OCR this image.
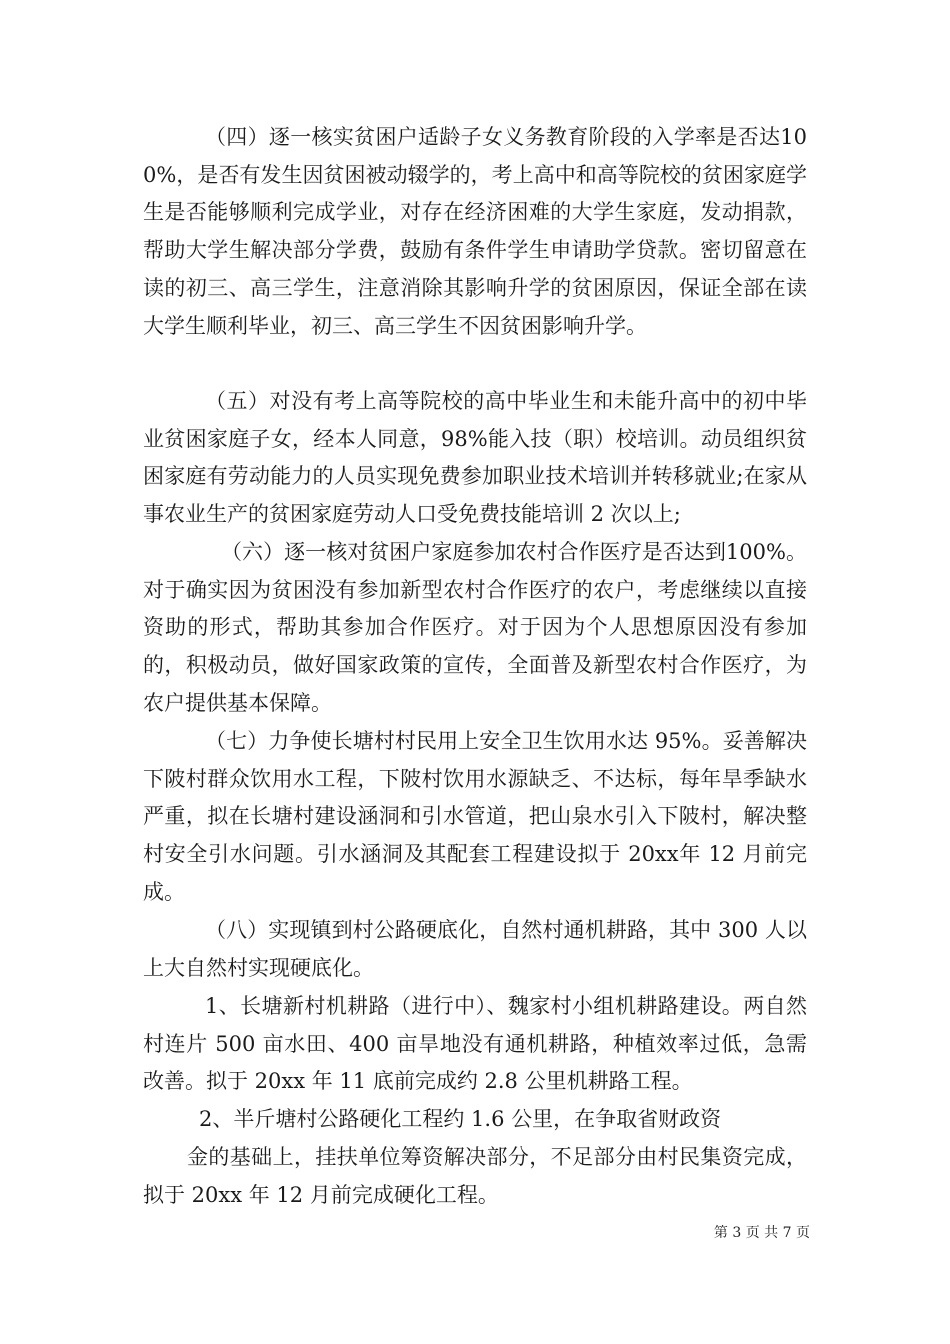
（四）逐一核实贫困户适龄子女义务教育阶段的入学率是否达100%，是否有发生因贫困被动辍学的，考上高中和高等院校的贫困家庭学生是否能够顺利完成学业，对存在经济困难的大学生家庭，发动捐款，帮助大学生解决部分学费，鼓励有条件学生申请助学贷款。密切留意在读的初三、高三学生，注意消除其影响升学的贫困原因，保证全部在读大学生顺利毕业，初三、高三学生不因贫困影响升学。

（五）对没有考上高等院校的高中毕业生和未能升高中的初中毕业贫困家庭子女，经本人同意，98%能入技（职）校培训。动员组织贫困家庭有劳动能力的人员实现免费参加职业技术培训并转移就业;在家从事农业生产的贫困家庭劳动人口受免费技能培训 2 次以上;

（六）逐一核对贫困户家庭参加农村合作医疗是否达到100%。对于确实因为贫困没有参加新型农村合作医疗的农户，考虑继续以直接资助的形式，帮助其参加合作医疗。对于因为个人思想原因没有参加的，积极动员，做好国家政策的宣传，全面普及新型农村合作医疗，为农户提供基本保障。

（七）力争使长塘村村民用上安全卫生饮用水达 95%。妥善解决下陂村群众饮用水工程，下陂村饮用水源缺乏、不达标，每年旱季缺水严重，拟在长塘村建设涵洞和引水管道，把山泉水引入下陂村，解决整村安全引水问题。引水涵洞及其配套工程建设拟于 20xx年 12 月前完成。

（八）实现镇到村公路硬底化，自然村通机耕路，其中 300 人以上大自然村实现硬底化。

1、长塘新村机耕路（进行中）、魏家村小组机耕路建设。两自然村连片 500 亩水田、400 亩旱地没有通机耕路，种植效率过低，急需改善。拟于 20xx 年 11 底前完成约 2.8 公里机耕路工程。

2、半斤塘村公路硬化工程约 1.6 公里，在争取省财政资

金的基础上，挂扶单位筹资解决部分，不足部分由村民集资完成，拟于 20xx 年 12 月前完成硬化工程。

第 3 页 共 7 页
